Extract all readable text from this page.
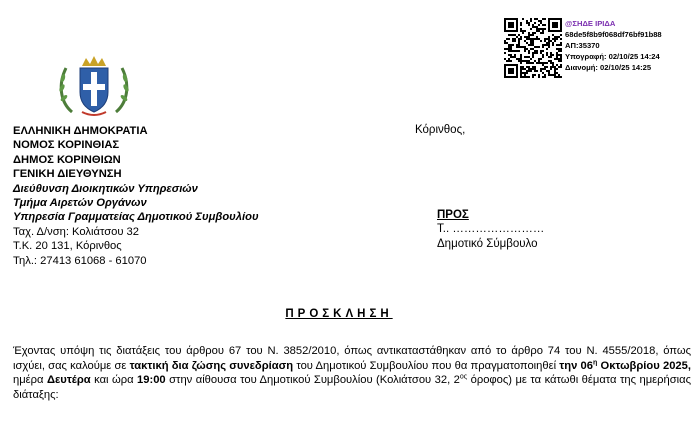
@ΣΗΔΕ ΙΡΙΔΑ
68de5f8b9f068df76bf91b88
ΑΠ:35370
Υπογραφή: 02/10/25 14:24
Διανομή: 02/10/25 14:25
ΕΛΛΗΝΙΚΗ ΔΗΜΟΚΡΑΤΙΑ
ΝΟΜΟΣ ΚΟΡΙΝΘΙΑΣ
ΔΗΜΟΣ ΚΟΡΙΝΘΙΩΝ
ΓΕΝΙΚΗ ΔΙΕΥΘΥΝΣΗ
Διεύθυνση Διοικητικών Υπηρεσιών
Τμήμα Αιρετών Οργάνων
Υπηρεσία Γραμματείας Δημοτικού Συμβουλίου
Ταχ. Δ/νση: Κολιάτσου 32
Τ.Κ. 20 131, Κόρινθος
Τηλ.: 27413 61068 - 61070
Κόρινθος,
ΠΡΟΣ
Τ.. ……………………
Δημοτικό Σύμβουλο
ΠΡΟΣΚΛΗΣΗ
Έχοντας υπόψη τις διατάξεις του άρθρου 67 του Ν. 3852/2010, όπως αντικαταστάθηκαν από το άρθρο 74 του Ν. 4555/2018, όπως ισχύει, σας καλούμε σε τακτική δια ζώσης συνεδρίαση του Δημοτικού Συμβουλίου που θα πραγματοποιηθεί την $06^\eta$ Οκτωβρίου 2025, ημέρα Δευτέρα και ώρα 19:00 στην αίθουσα του Δημοτικού Συμβουλίου (Κολιάτσου 32, $2^{o\varsigma}$ όροφος) με τα κάτωθι θέματα της ημερήσιας διάταξης:
